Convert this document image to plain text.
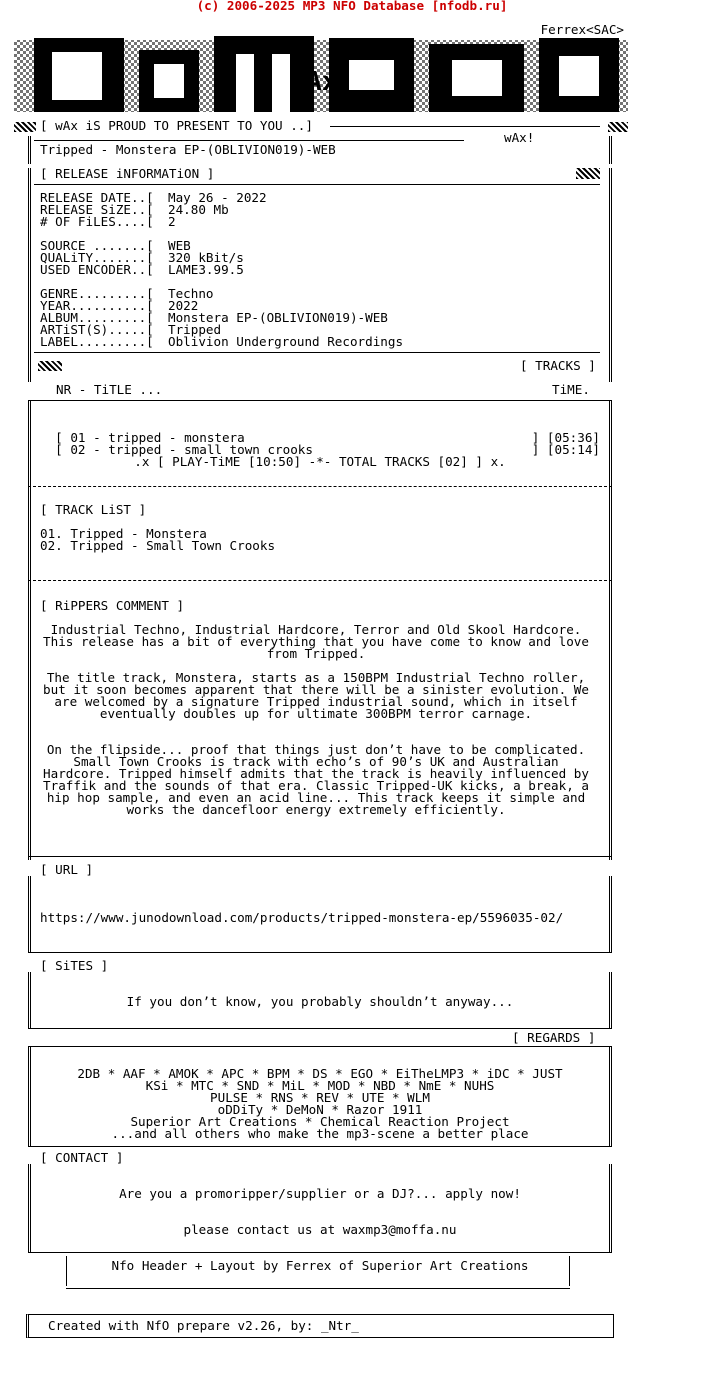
(c) 2006-2025 MP3 NFO Database [nfodb.ru]
Ferrex<SAC>
wAx
[ wAx iS PROUD TO PRESENT TO YOU ..]
Tripped - Monstera EP-(OBLIVION019)-WEB
wAx!
[ RELEASE iNFORMATiON ]
RELEASE DATE..[ May 26 - 2022
RELEASE SiZE..[ 24.80 Mb
# OF FiLES....[ 2
SOURCE .......[ WEB
QUALiTY.......[ 320 kBit/s
USED ENCODER..[ LAME3.99.5
GENRE.........[ Techno
YEAR..........[ 2022
ALBUM.........[ Monstera EP-(OBLIVION019)-WEB
ARTiST(S).....[ Tripped
LABEL.........[ Oblivion Underground Recordings
[ TRACKS ]
NR - TiTLE ...	TiME.

[ 01 - tripped - monstera	] [05:36]

[ 02 - tripped - small town crooks	] [05:14]

.x [ PLAY-TiME [10:50] -*- TOTAL TRACKS [02] ] x.
[ TRACK LiST ]
01. Tripped - Monstera
02. Tripped - Small Town Crooks
[ RiPPERS COMMENT ]
Industrial Techno, Industrial Hardcore, Terror and Old Skool Hardcore. This release has a bit of everything that you have come to know and love from Tripped.
The title track, Monstera, starts as a 150BPM Industrial Techno roller, but it soon becomes apparent that there will be a sinister evolution. We are welcomed by a signature Tripped industrial sound, which in itself eventually doubles up for ultimate 300BPM terror carnage.
On the flipside... proof that things just don’t have to be complicated. Small Town Crooks is track with echo’s of 90’s UK and Australian Hardcore. Tripped himself admits that the track is heavily influenced by Traffik and the sounds of that era. Classic Tripped-UK kicks, a break, a hip hop sample, and even an acid line... This track keeps it simple and works the dancefloor energy extremely efficiently.
[ URL ]
https://www.junodownload.com/products/tripped-monstera-ep/5596035-02/
[ SiTES ]
If you don’t know, you probably shouldn’t anyway...
[ REGARDS ]
2DB * AAF * AMOK * APC * BPM * DS * EGO * EiTheLMP3 * iDC * JUST
KSi * MTC * SND * MiL * MOD * NBD * NmE * NUHS
PULSE * RNS * REV * UTE * WLM
oDDiTy * DeMoN * Razor 1911
Superior Art Creations * Chemical Reaction Project
...and all others who make the mp3-scene a better place
[ CONTACT ]
Are you a promoripper/supplier or a DJ?... apply now!
please contact us at waxmp3@moffa.nu
Nfo Header + Layout by Ferrex of Superior Art Creations
Created with NfO prepare v2.26, by: _Ntr_
